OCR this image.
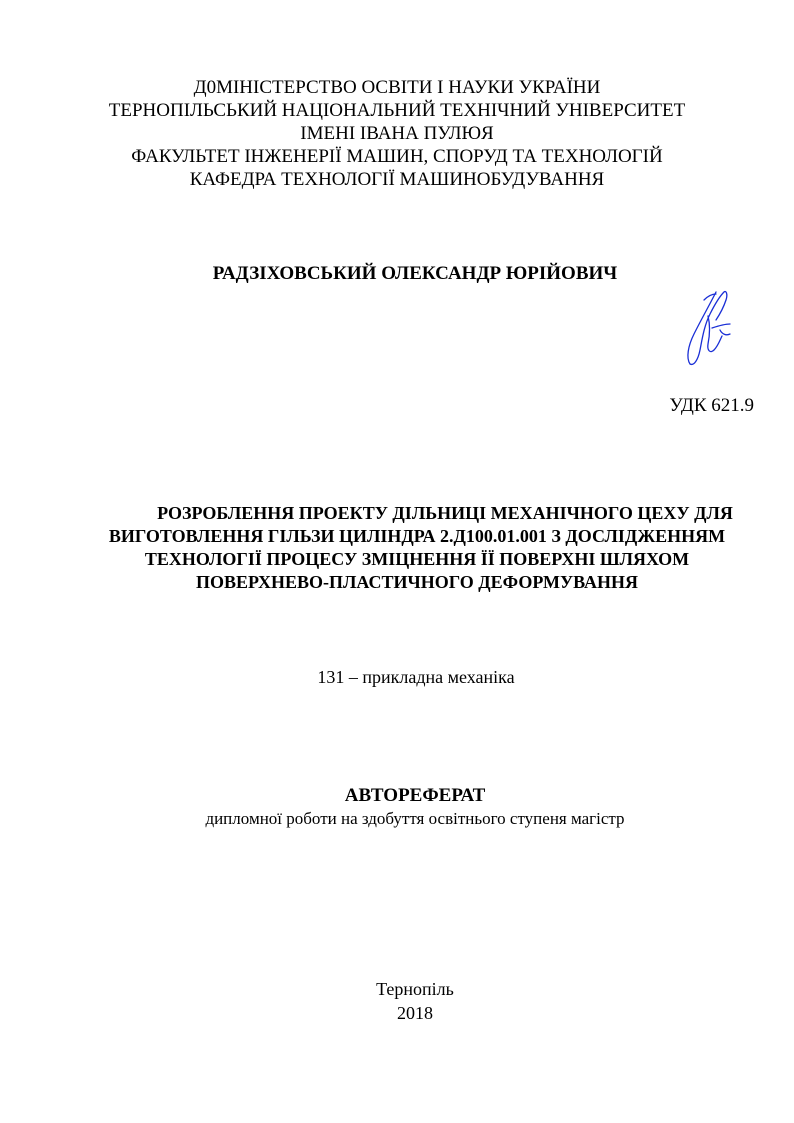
Д0МІНІСТЕРСТВО ОСВІТИ І НАУКИ УКРАЇНИ
ТЕРНОПІЛЬСЬКИЙ НАЦІОНАЛЬНИЙ ТЕХНІЧНИЙ УНІВЕРСИТЕТ
ІМЕНІ ІВАНА ПУЛЮЯ
ФАКУЛЬТЕТ ІНЖЕНЕРІЇ МАШИН, СПОРУД ТА ТЕХНОЛОГІЙ
КАФЕДРА ТЕХНОЛОГІЇ МАШИНОБУДУВАННЯ
РАДЗІХОВСЬКИЙ ОЛЕКСАНДР ЮРІЙОВИЧ
УДК 621.9
РОЗРОБЛЕННЯ ПРОЕКТУ ДІЛЬНИЦІ МЕХАНІЧНОГО ЦЕХУ ДЛЯ
ВИГОТОВЛЕННЯ ГІЛЬЗИ ЦИЛІНДРА 2.Д100.01.001 З ДОСЛІДЖЕННЯМ
ТЕХНОЛОГІЇ ПРОЦЕСУ ЗМІЦНЕННЯ ЇЇ ПОВЕРХНІ ШЛЯХОМ
ПОВЕРХНЕВО-ПЛАСТИЧНОГО ДЕФОРМУВАННЯ
131 – прикладна механіка
АВТОРЕФЕРАТ
дипломної роботи на здобуття освітнього ступеня магістр
Тернопіль
2018
